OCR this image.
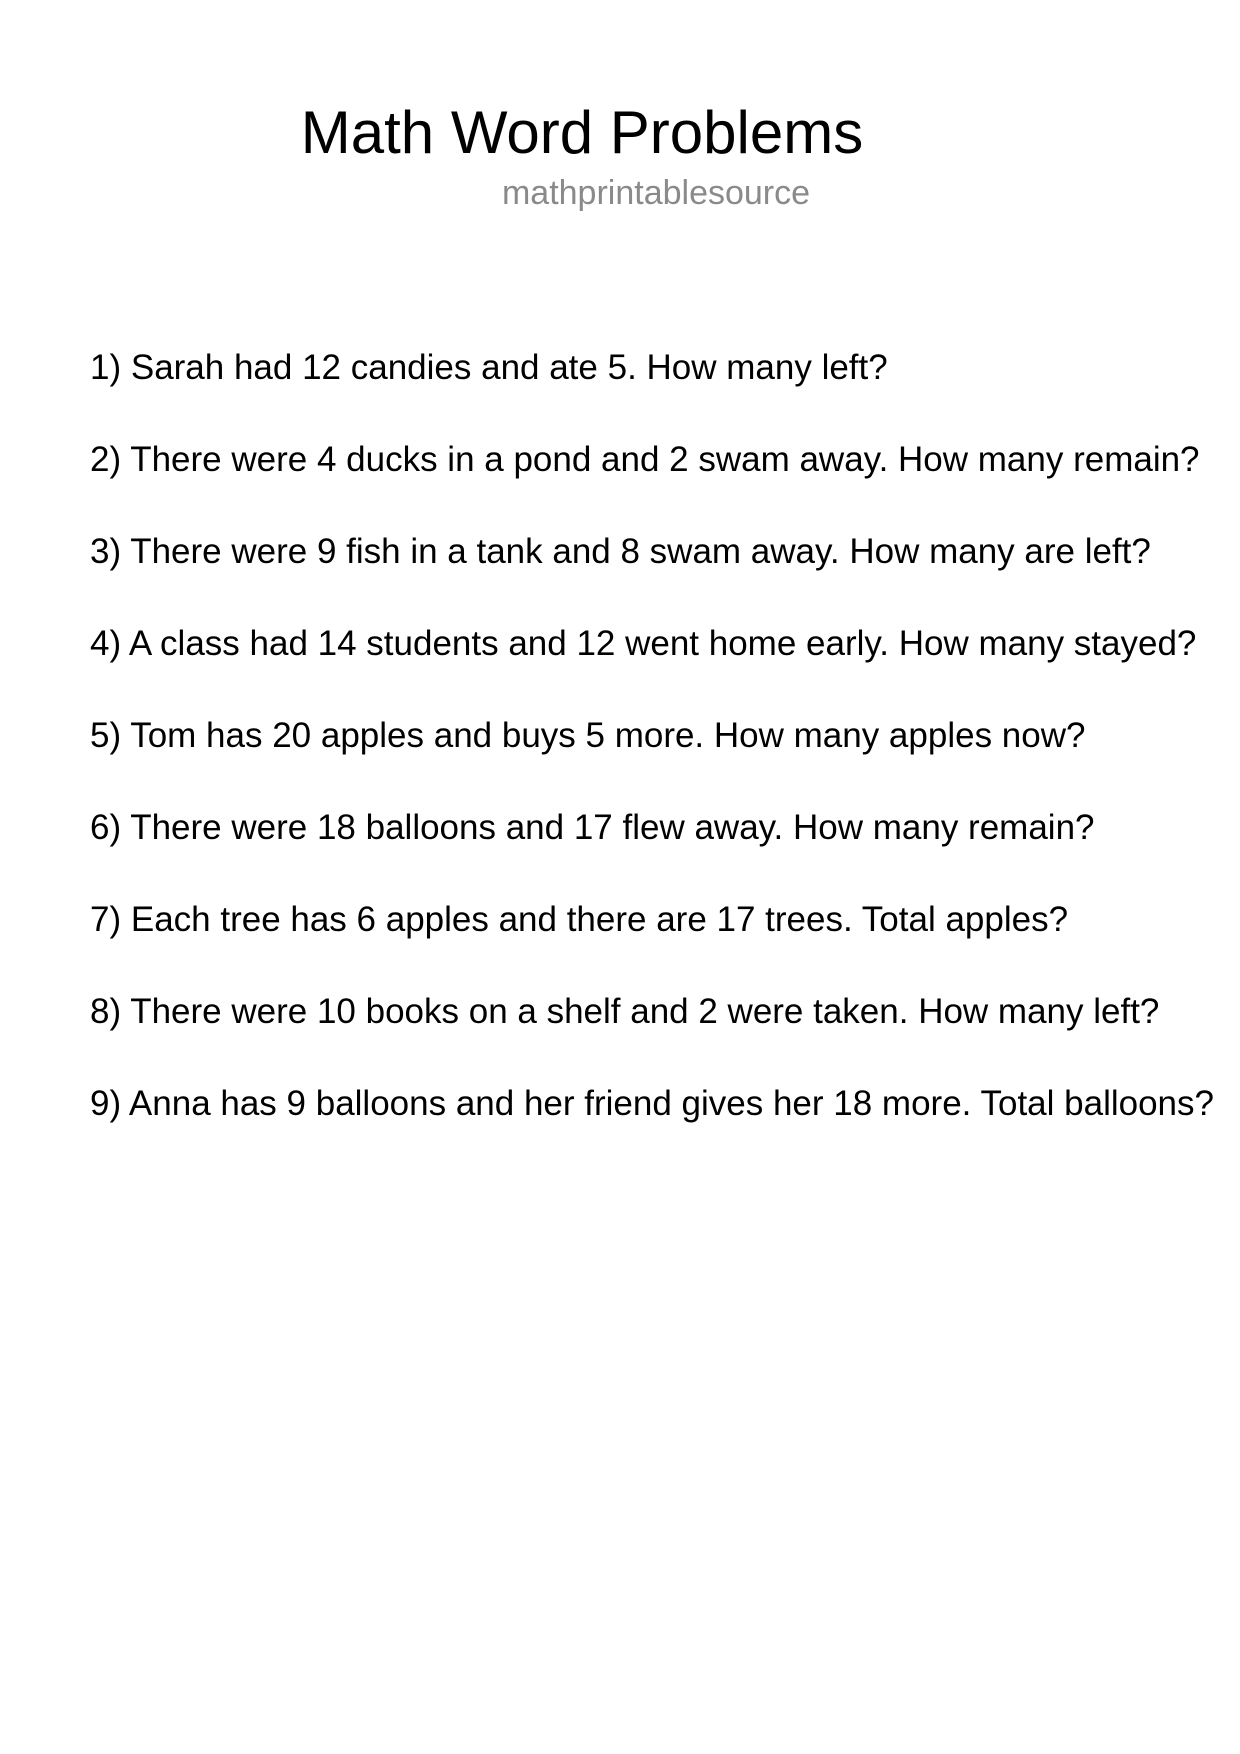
Math Word Problems
mathprintablesource

1) Sarah had 12 candies and ate 5. How many left?

2) There were 4 ducks in a pond and 2 swam away. How many remain?

3) There were 9 fish in a tank and 8 swam away. How many are left?

4) A class had 14 students and 12 went home early. How many stayed?

5) Tom has 20 apples and buys 5 more. How many apples now?

6) There were 18 balloons and 17 flew away. How many remain?

7) Each tree has 6 apples and there are 17 trees. Total apples?

8) There were 10 books on a shelf and 2 were taken. How many left?

9) Anna has 9 balloons and her friend gives her 18 more. Total balloons?
